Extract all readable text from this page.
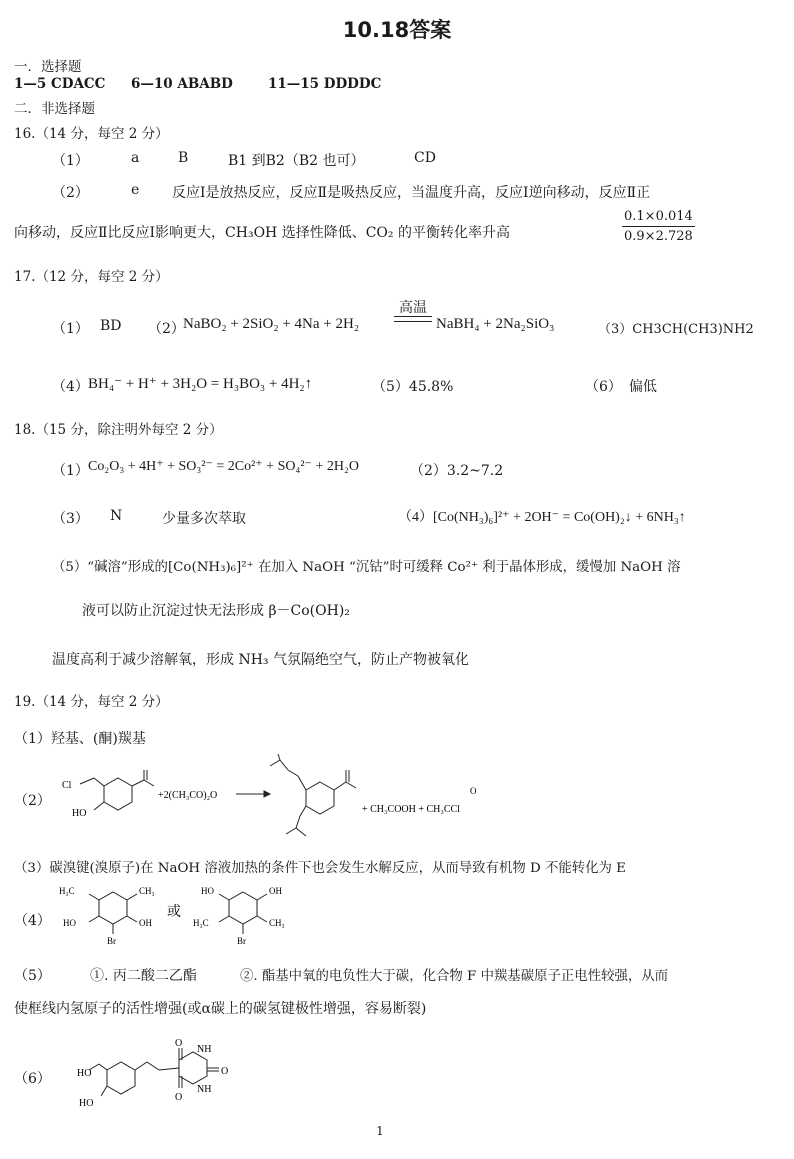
10.18答案
一．选择题
1—5 CDACC 6—10 ABABD	11—15 DDDDC
二．非选择题
16.（14 分，每空 2 分）
（1）	a	B	B1 到B2（B2 也可）	CD
（2）	e 反应Ⅰ是放热反应，反应Ⅱ是吸热反应，当温度升高，反应Ⅰ逆向移动，反应Ⅱ正
向移动，反应Ⅱ比反应Ⅰ影响更大，CH₃OH 选择性降低、CO₂ 的平衡转化率升高	$\frac{0.1\times 0.014}{0.9\times 2.728}$
17.（12 分，每空 2 分）
（1） BD （2）
NaBO₂ + 2SiO₂ + 4Na + 2H₂
高温
NaBH₄ + 2Na₂SiO₃	（3）CH3CH(CH3)NH2
（4） BH₄⁻ + H⁺ + 3H₂O = H₃BO₃ + 4H₂↑	（5）45.8%	（6）　偏低
18.（15 分，除注明外每空 2 分）
（1） Co₂O₃ + 4H⁺ + SO₃²⁻ = 2Co²⁺ + SO₄²⁻ + 2H₂O	（2）3.2~7.2
（3） N	少量多次萃取	（4）[Co(NH₃)₆]²⁺ + 2OH⁻ = Co(OH)₂↓ + 6NH₃↑
（5）“碱溶”形成的[Co(NH₃)₆]²⁺ 在加入 NaOH “沉钴”时可缓释 Co²⁺ 利于晶体形成，缓慢加 NaOH 溶
液可以防止沉淀过快无法形成 β－Co(OH)₂
温度高利于减少溶解氧，形成 NH₃ 气氛隔绝空气，防止产物被氧化
19.（14 分，每空 2 分）
（1）羟基、(酮)羰基
（2）
Cl
HO
+2(CH₃CO)₂O
+ CH₃COOH + CH₃CCl
O
（3）碳溴键(溴原子)在 NaOH 溶液加热的条件下也会发生水解反应，从而导致有机物 D 不能转化为 E
（4）
H₃C	CH₃
HO	OH
Br
或
HO	OH
H₃C	CH₃
Br
（5）	①. 丙二酸二乙酯	②. 酯基中氧的电负性大于碳，化合物 F 中羰基碳原子正电性较强，从而
使框线内氢原子的活性增强(或α碳上的碳氢键极性增强，容易断裂)
（6）	HO
HO
O
O
O
NH
NH
1
